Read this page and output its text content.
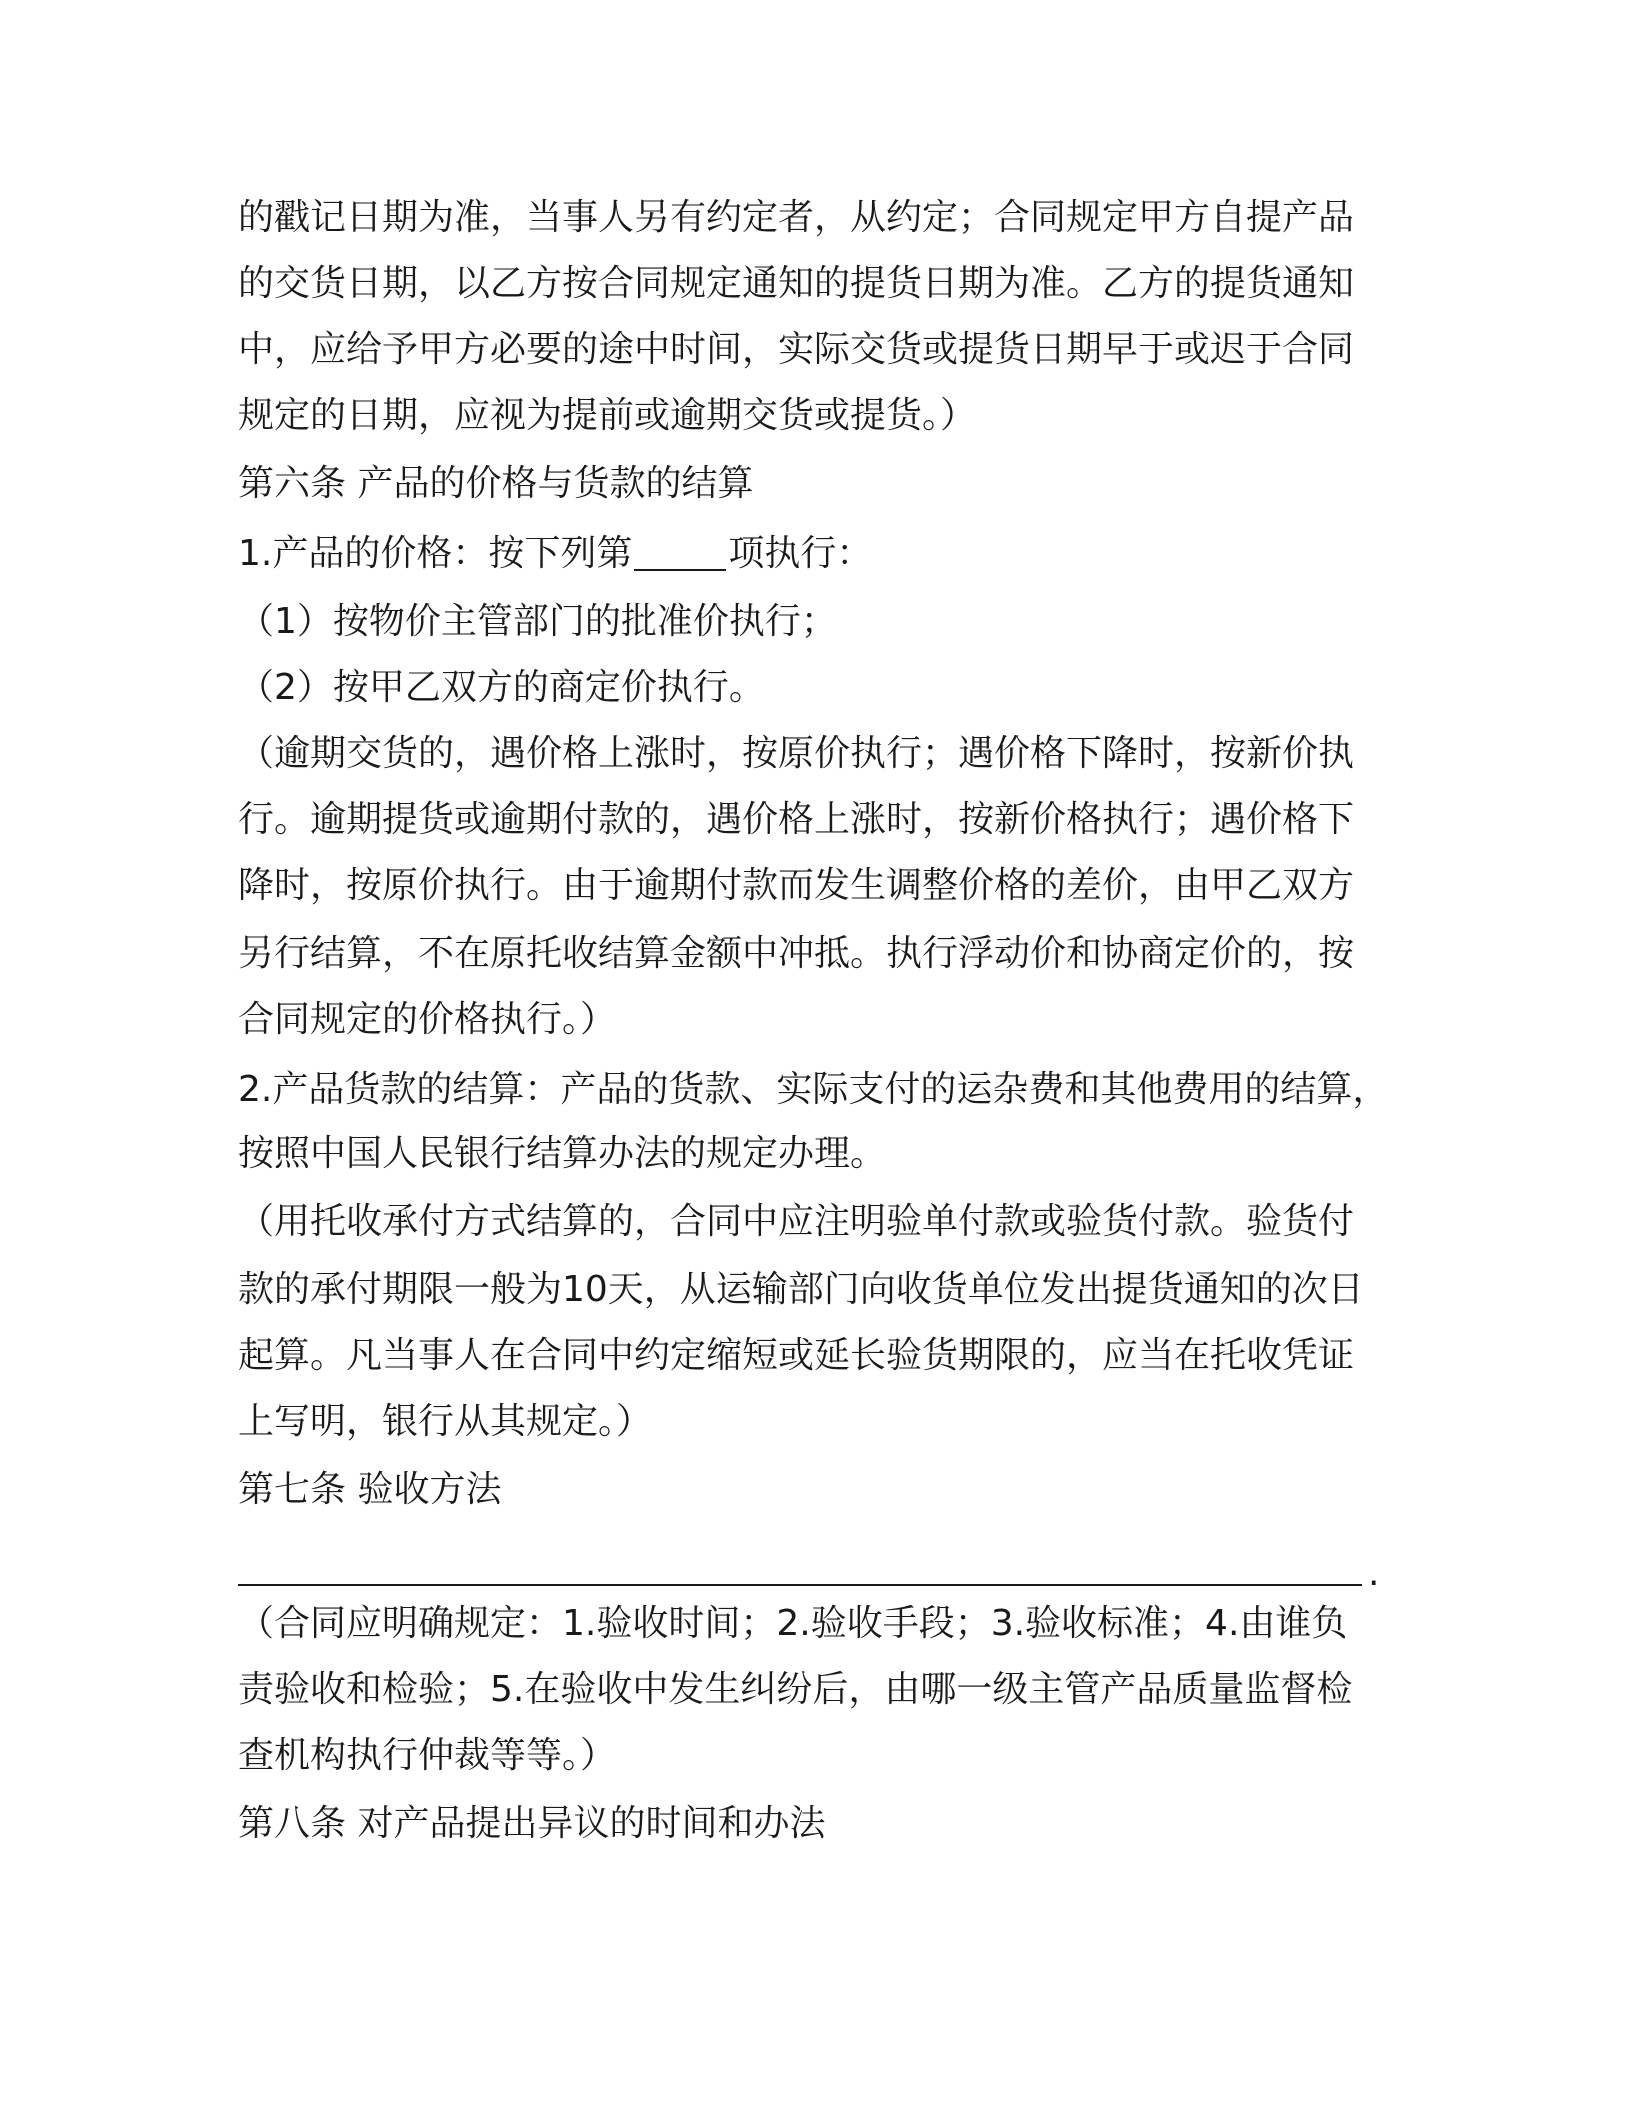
的戳记日期为准，当事人另有约定者，从约定；合同规定甲方自提产品
的交货日期，以乙方按合同规定通知的提货日期为准。乙方的提货通知
中，应给予甲方必要的途中时间，实际交货或提货日期早于或迟于合同
规定的日期，应视为提前或逾期交货或提货。）
第六条 产品的价格与货款的结算
1.产品的价格：按下列第	项执行：
（1）按物价主管部门的批准价执行；
（2）按甲乙双方的商定价执行。
（逾期交货的，遇价格上涨时，按原价执行；遇价格下降时，按新价执
行。逾期提货或逾期付款的，遇价格上涨时，按新价格执行；遇价格下
降时，按原价执行。由于逾期付款而发生调整价格的差价，由甲乙双方
另行结算，不在原托收结算金额中冲抵。执行浮动价和协商定价的，按
合同规定的价格执行。）
2.产品货款的结算：产品的货款、实际支付的运杂费和其他费用的结算，
按照中国人民银行结算办法的规定办理。
（用托收承付方式结算的，合同中应注明验单付款或验货付款。验货付
款的承付期限一般为10天，从运输部门向收货单位发出提货通知的次日
起算。凡当事人在合同中约定缩短或延长验货期限的，应当在托收凭证
上写明，银行从其规定。）
第七条 验收方法
.
（合同应明确规定：1.验收时间；2.验收手段；3.验收标准；4.由谁负
责验收和检验；5.在验收中发生纠纷后，由哪一级主管产品质量监督检
查机构执行仲裁等等。）
第八条 对产品提出异议的时间和办法
